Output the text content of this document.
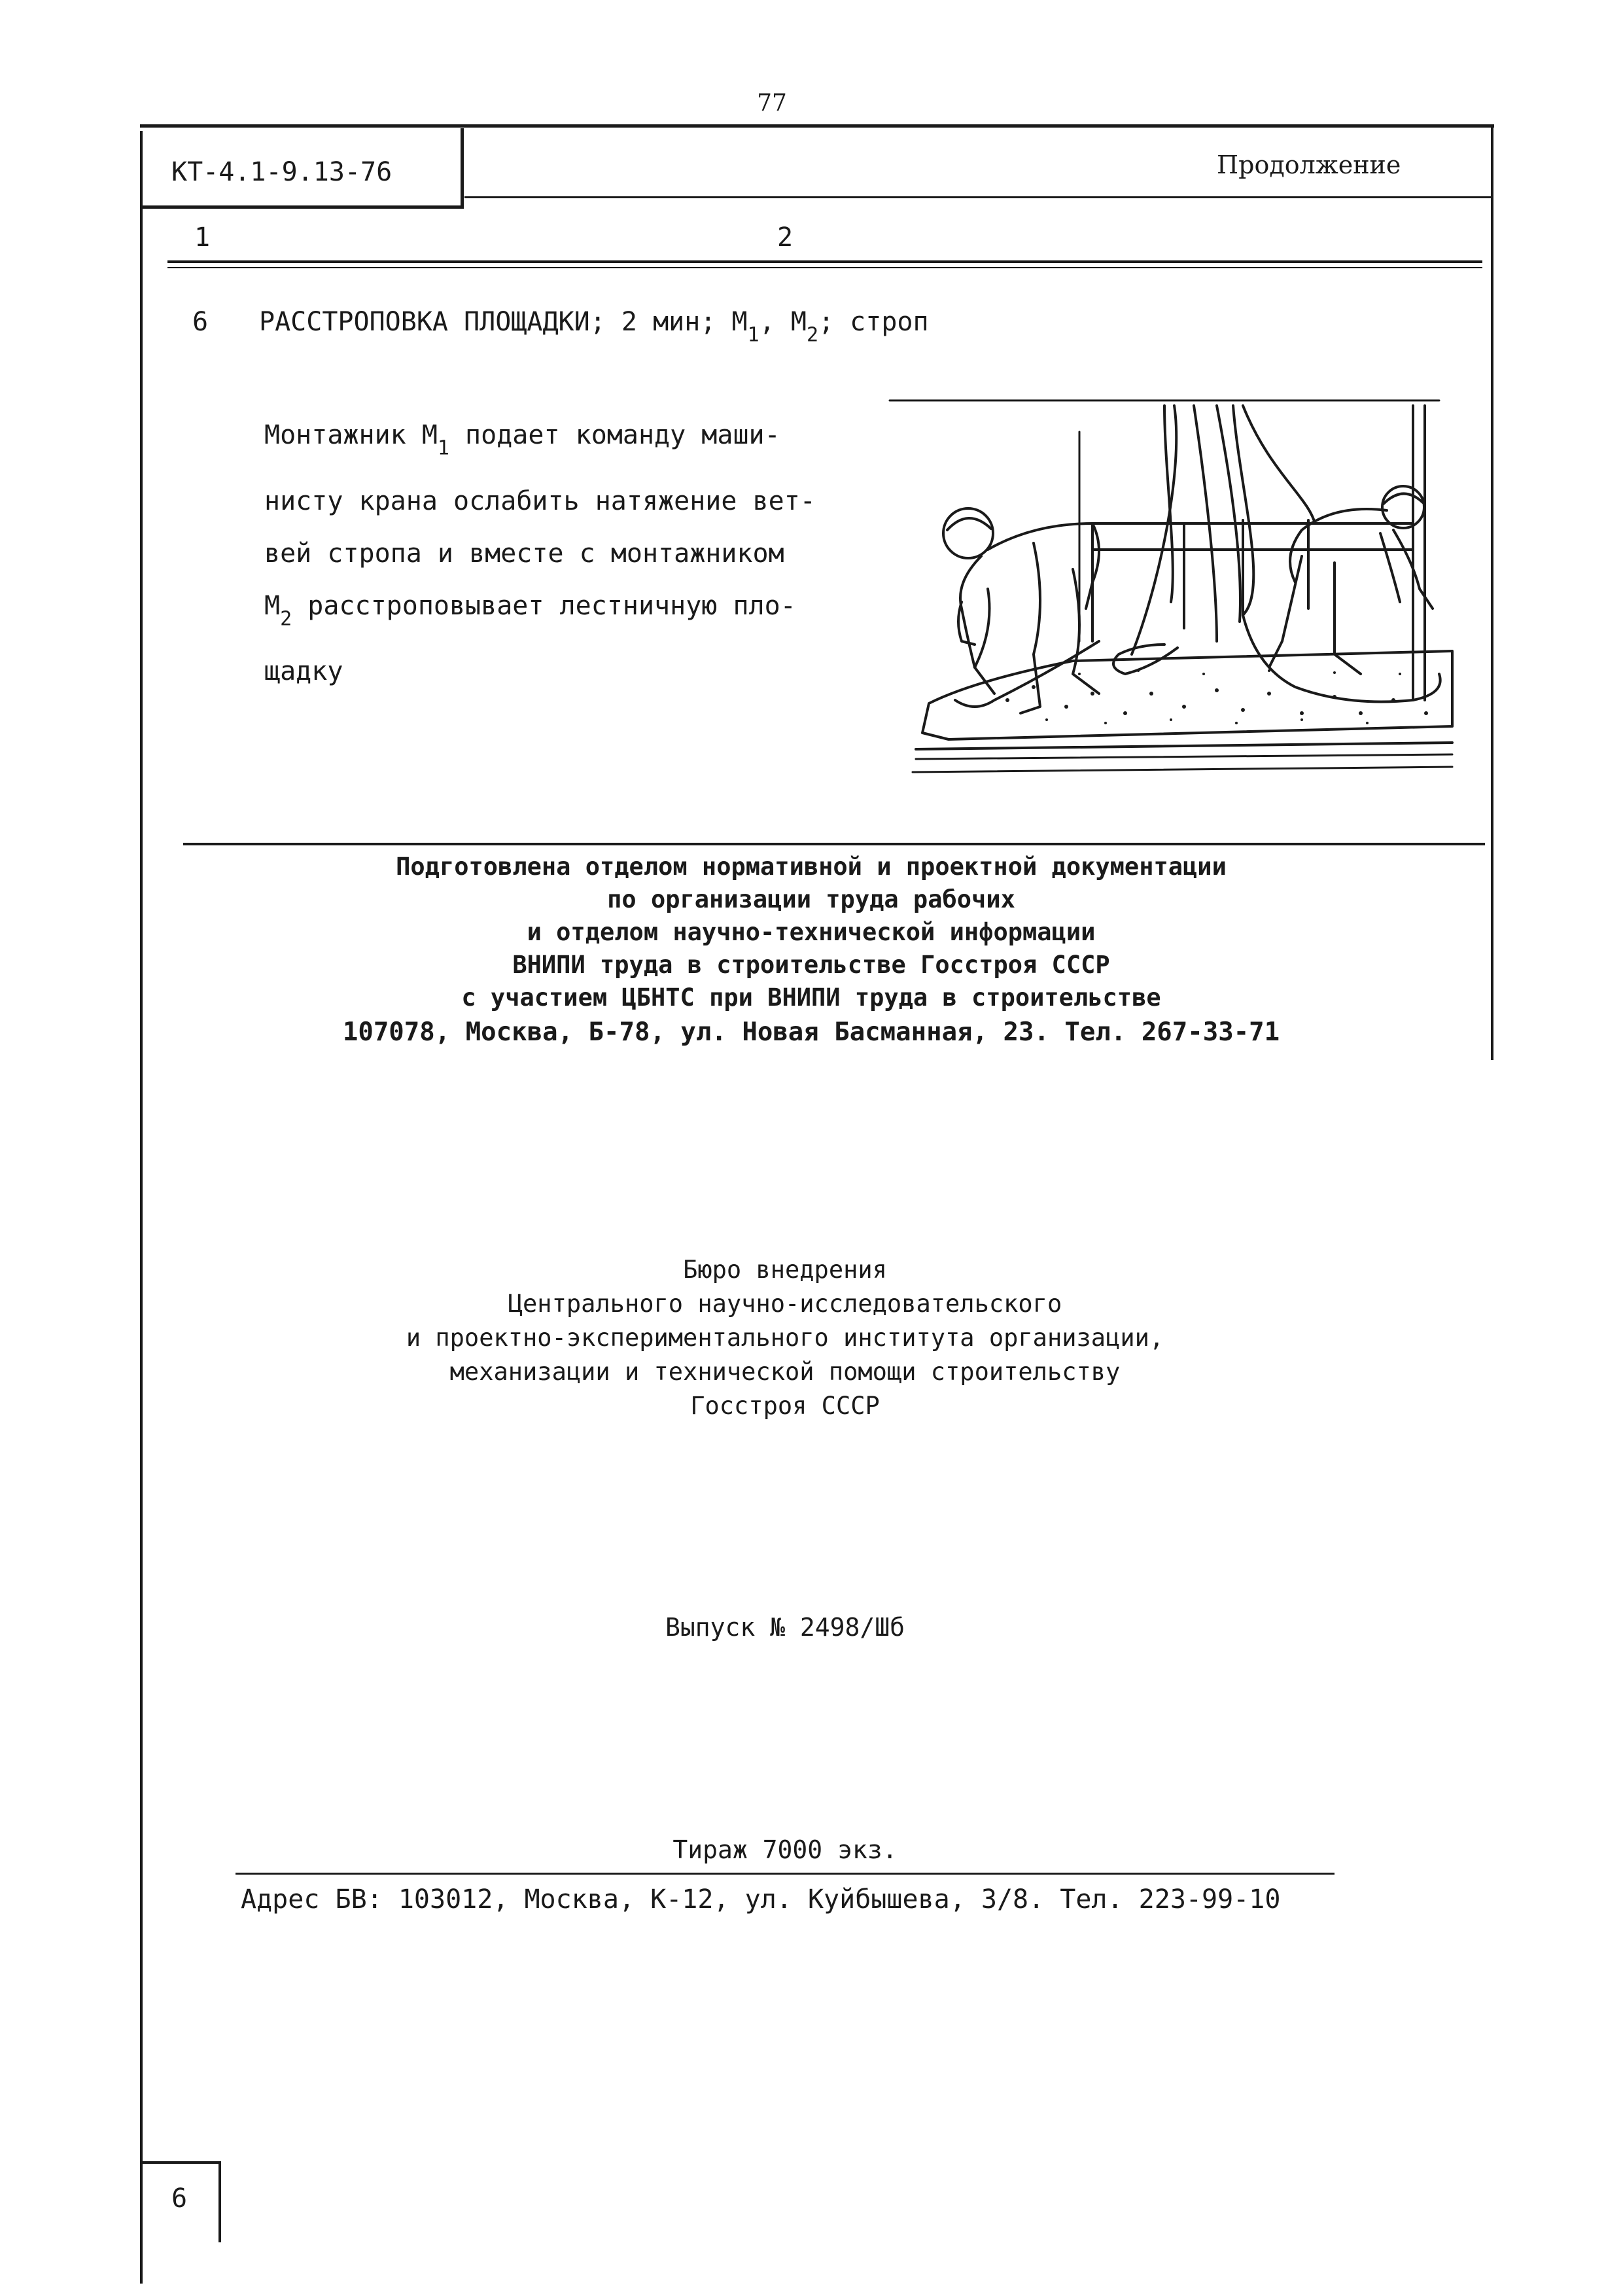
77
КТ-4.1-9.13-76	Продолжение
1	2
6 РАССТРОПОВКА ПЛОЩАДКИ; 2 мин; $М_1$, $М_2$; строп
Монтажник $М_1$ подает команду маши-
нисту крана ослабить натяжение вет-
вей стропа и вместе с монтажником
$М_2$ расстроповывает лестничную пло-
щадку
Подготовлена отделом нормативной и проектной документации
по организации труда рабочих
и отделом научно-технической информации
ВНИПИ труда в строительстве Госстроя СССР
с участием ЦБНТС при ВНИПИ труда в строительстве
107078, Москва, Б-78, ул. Новая Басманная, 23. Тел. 267-33-71
Бюро внедрения
Центрального научно-исследовательского
и проектно-экспериментального института организации,
механизации и технической помощи строительству
Госстроя СССР
Выпуск № 2498/Шб
Тираж 7000 экз.
Адрес БВ: 103012, Москва, К-12, ул. Куйбышева, 3/8. Тел. 223-99-10
6
